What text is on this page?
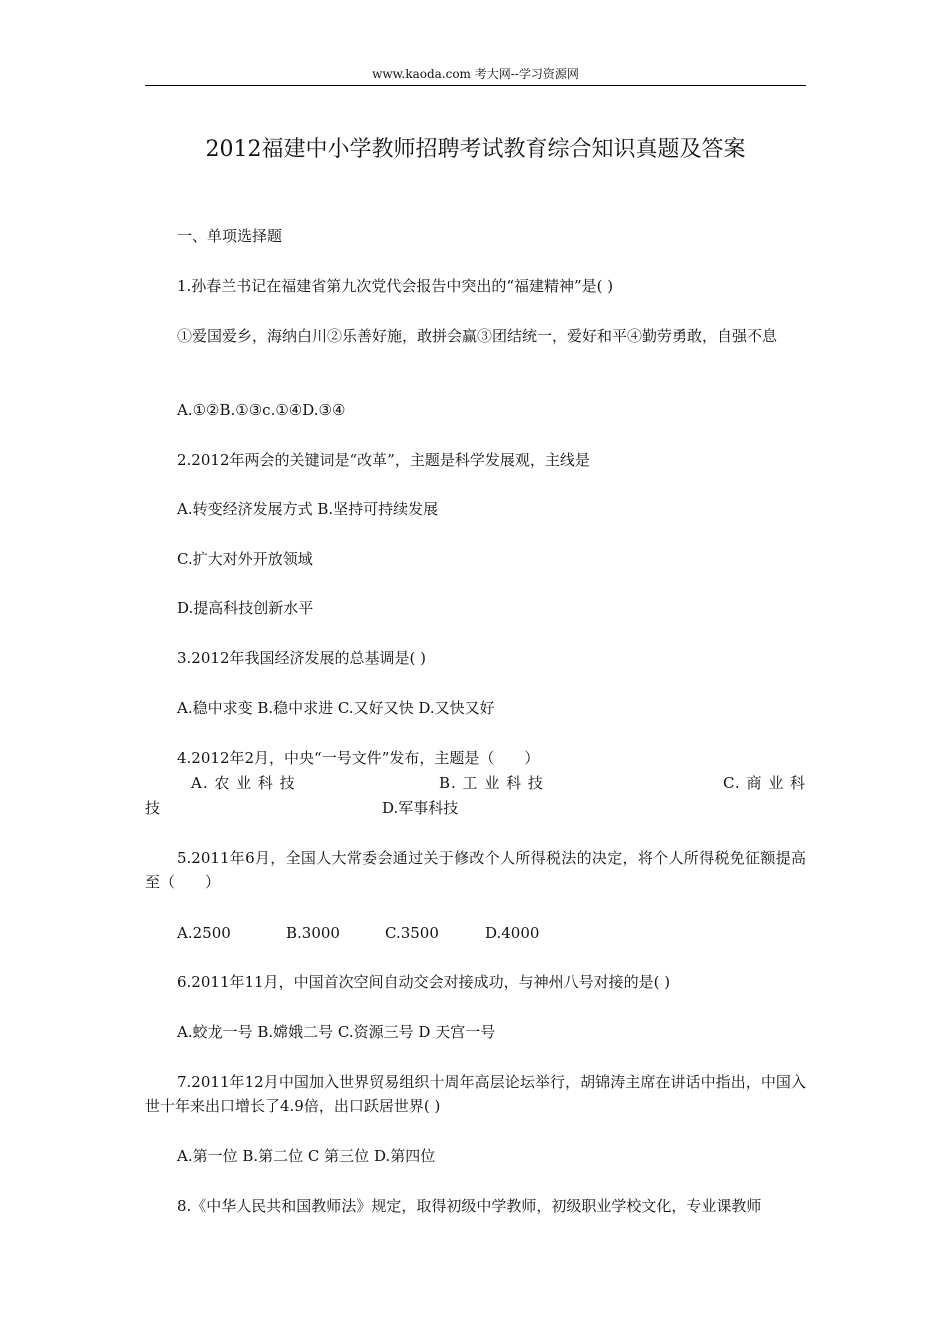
www.kaoda.com 考大网--学习资源网
2012福建中小学教师招聘考试教育综合知识真题及答案

一、单项选择题

1.孙春兰书记在福建省第九次党代会报告中突出的“福建精神”是( )

①爱国爱乡，海纳白川②乐善好施，敢拼会赢③团结统一，爱好和平④勤劳勇敢，自强不息

A.①②B.①③c.①④D.③④

2.2012年两会的关键词是“改革”，主题是科学发展观，主线是

A.转变经济发展方式 B.坚持可持续发展

C.扩大对外开放领域

D.提高科技创新水平

3.2012年我国经济发展的总基调是( )

A.稳中求变 B.稳中求进 C.又好又快 D.又快又好

4.2012年2月，中央“一号文件”发布，主题是（　　）

A. 农 业 科 技	B. 工 业 科 技	C. 商 业 科
技	D.军事科技

5.2011年6月，全国人大常委会通过关于修改个人所得税法的决定，将个人所得税免征额提高至（　　）

A.2500	B.3000	C.3500	D.4000

6.2011年11月，中国首次空间自动交会对接成功，与神州八号对接的是( )

A.蛟龙一号 B.嫦娥二号 C.资源三号 D 天宫一号

7.2011年12月中国加入世界贸易组织十周年高层论坛举行，胡锦涛主席在讲话中指出，中国入世十年来出口增长了4.9倍，出口跃居世界( )

A.第一位 B.第二位 C 第三位 D.第四位

8.《中华人民共和国教师法》规定，取得初级中学教师，初级职业学校文化，专业课教师
